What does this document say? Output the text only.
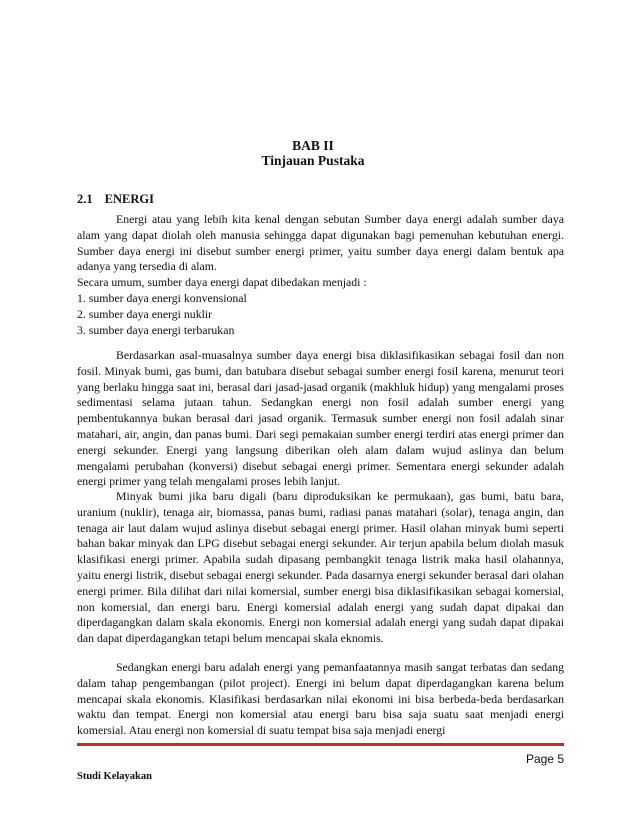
BAB II
Tinjauan Pustaka
2.1 ENERGI

Energi atau yang lebih kita kenal dengan sebutan Sumber daya energi adalah sumber daya alam yang dapat diolah oleh manusia sehingga dapat digunakan bagi pemenuhan kebutuhan energi. Sumber daya energi ini disebut sumber energi primer, yaitu sumber daya energi dalam bentuk apa adanya yang tersedia di alam.

Secara umum, sumber daya energi dapat dibedakan menjadi :

1. sumber daya energi konvensional

2. sumber daya energi nuklir

3. sumber daya energi terbarukan

Berdasarkan asal-muasalnya sumber daya energi bisa diklasifikasikan sebagai fosil dan non fosil. Minyak bumi, gas bumi, dan batubara disebut sebagai sumber energi fosil karena, menurut teori yang berlaku hingga saat ini, berasal dari jasad-jasad organik (makhluk hidup) yang mengalami proses sedimentasi selama jutaan tahun. Sedangkan energi non fosil adalah sumber energi yang pembentukannya bukan berasal dari jasad organik. Termasuk sumber energi non fosil adalah sinar matahari, air, angin, dan panas bumi. Dari segi pemakaian sumber energi terdiri atas energi primer dan energi sekunder. Energi yang langsung diberikan oleh alam dalam wujud aslinya dan belum mengalami perubahan (konversi) disebut sebagai energi primer. Sementara energi sekunder adalah energi primer yang telah mengalami proses lebih lanjut.

Minyak bumi jika baru digali (baru diproduksikan ke permukaan), gas bumi, batu bara, uranium (nuklir), tenaga air, biomassa, panas bumi, radiasi panas matahari (solar), tenaga angin, dan tenaga air laut dalam wujud aslinya disebut sebagai energi primer. Hasil olahan minyak bumi seperti bahan bakar minyak dan LPG disebut sebagai energi sekunder. Air terjun apabila belum diolah masuk klasifikasi energi primer. Apabila sudah dipasang pembangkit tenaga listrik maka hasil olahannya, yaitu energi listrik, disebut sebagai energi sekunder. Pada dasarnya energi sekunder berasal dari olahan energi primer. Bila dilihat dari nilai komersial, sumber energi bisa diklasifikasikan sebagai komersial, non komersial, dan energi baru. Energi komersial adalah energi yang sudah dapat dipakai dan diperdagangkan dalam skala ekonomis. Energi non komersial adalah energi yang sudah dapat dipakai dan dapat diperdagangkan tetapi belum mencapai skala eknomis.

Sedangkan energi baru adalah energi yang pemanfaatannya masih sangat terbatas dan sedang dalam tahap pengembangan (pilot project). Energi ini belum dapat diperdagangkan karena belum mencapai skala ekonomis. Klasifikasi berdasarkan nilai ekonomi ini bisa berbeda-beda berdasarkan waktu dan tempat. Energi non komersial atau energi baru bisa saja suatu saat menjadi energi komersial. Atau energi non komersial di suatu tempat bisa saja menjadi energi

Page 5
Studi Kelayakan
